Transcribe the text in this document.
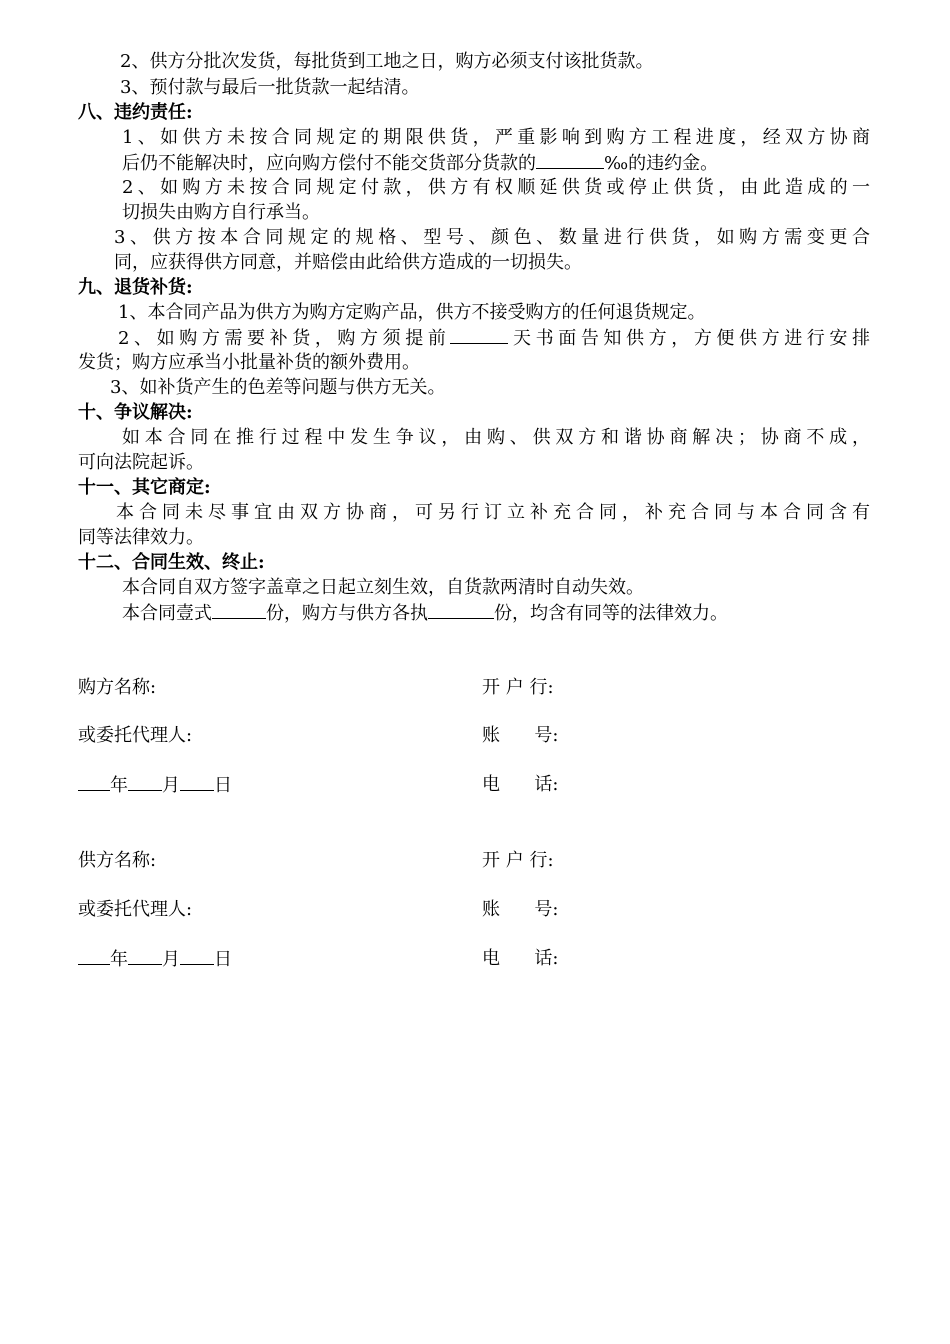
2、供方分批次发货，每批货到工地之日，购方必须支付该批货款。
3、预付款与最后一批货款一起结清。
八、违约责任:
1、如供方未按合同规定的期限供货，严重影响到购方工程进度，经双方协商
后仍不能解决时，应向购方偿付不能交货部分货款的	‰的违约金。
2、如购方未按合同规定付款，供方有权顺延供货或停止供货，由此造成的一
切损失由购方自行承当。
3、供方按本合同规定的规格、型号、颜色、数量进行供货，如购方需变更合
同，应获得供方同意，并赔偿由此给供方造成的一切损失。
九、退货补货:
1、本合同产品为供方为购方定购产品，供方不接受购方的任何退货规定。
2、如购方需要补货，购方须提前	天书面告知供方，方便供方进行安排
发货；购方应承当小批量补货的额外费用。
3、如补货产生的色差等问题与供方无关。
十、争议解决:
如本合同在推行过程中发生争议，由购、供双方和谐协商解决；协商不成，
可向法院起诉。
十一、其它商定:
本合同未尽事宜由双方协商，可另行订立补充合同，补充合同与本合同含有
同等法律效力。
十二、合同生效、终止:
本合同自双方签字盖章之日起立刻生效，自货款两清时自动失效。
本合同壹式	份，购方与供方各执	份，均含有同等的法律效力。
购方名称:	开 户 行:
或委托代理人:	账      号:
年 月 日	电      话:
供方名称:	开 户 行:
或委托代理人:	账      号:
年 月 日	电      话:
